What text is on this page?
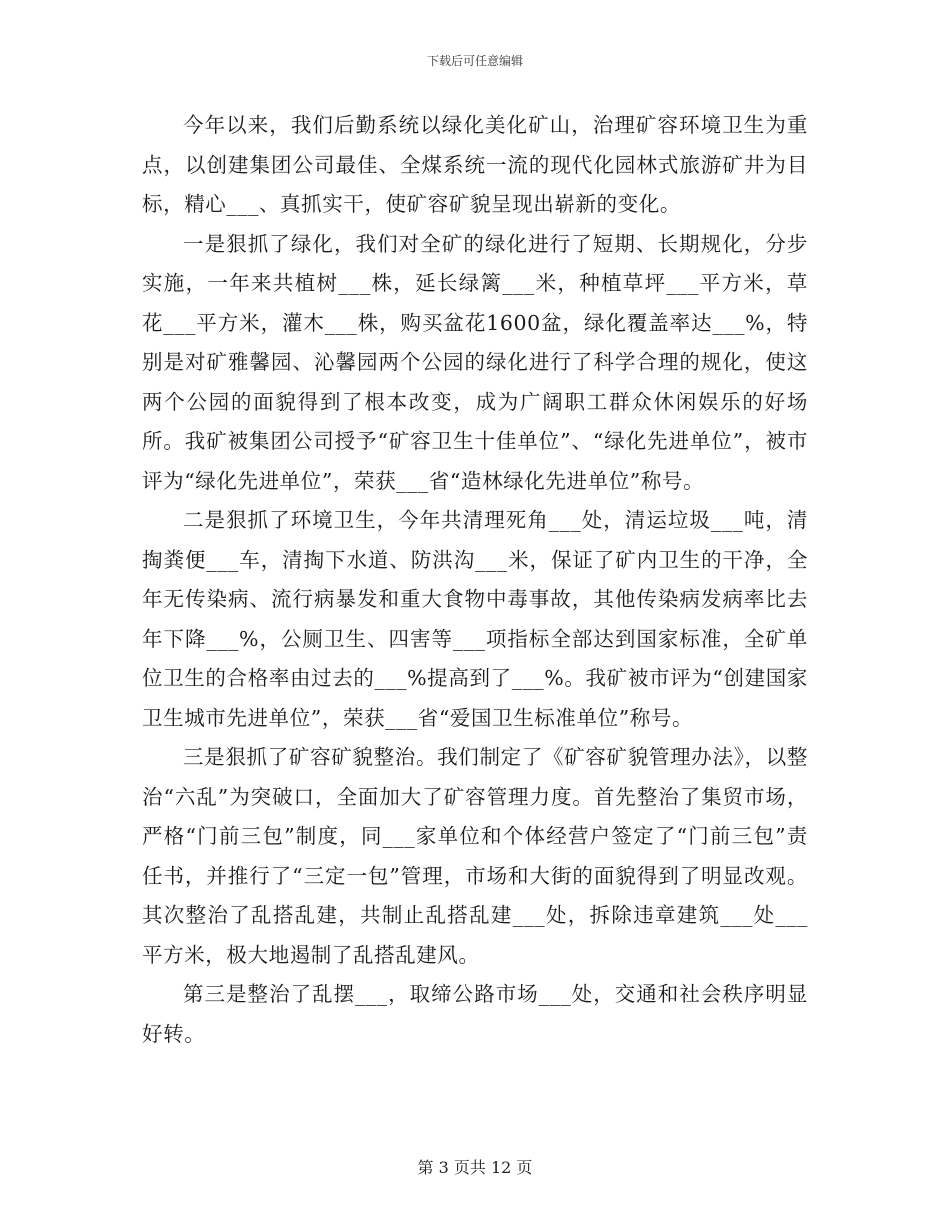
下载后可任意编辑

今年以来，我们后勤系统以绿化美化矿山，治理矿容环境卫生为重点，以创建集团公司最佳、全煤系统一流的现代化园林式旅游矿井为目标，精心___、真抓实干，使矿容矿貌呈现出崭新的变化。

一是狠抓了绿化，我们对全矿的绿化进行了短期、长期规化，分步实施，一年来共植树___株，延长绿篱___米，种植草坪___平方米，草花___平方米，灌木___株，购买盆花1600盆，绿化覆盖率达___%，特别是对矿雅馨园、沁馨园两个公园的绿化进行了科学合理的规化，使这两个公园的面貌得到了根本改变，成为广阔职工群众休闲娱乐的好场所。我矿被集团公司授予“矿容卫生十佳单位”、“绿化先进单位”，被市评为“绿化先进单位”，荣获___省“造林绿化先进单位”称号。

二是狠抓了环境卫生，今年共清理死角___处，清运垃圾___吨，清掏粪便___车，清掏下水道、防洪沟___米，保证了矿内卫生的干净，全年无传染病、流行病暴发和重大食物中毒事故，其他传染病发病率比去年下降___%，公厕卫生、四害等___项指标全部达到国家标准，全矿单位卫生的合格率由过去的___%提高到了___%。我矿被市评为“创建国家卫生城市先进单位”，荣获___省“爱国卫生标准单位”称号。

三是狠抓了矿容矿貌整治。我们制定了《矿容矿貌管理办法》，以整治“六乱”为突破口，全面加大了矿容管理力度。首先整治了集贸市场，严格“门前三包”制度，同___家单位和个体经营户签定了“门前三包”责任书，并推行了“三定一包”管理，市场和大街的面貌得到了明显改观。其次整治了乱搭乱建，共制止乱搭乱建___处，拆除违章建筑___处___平方米，极大地遏制了乱搭乱建风。

第三是整治了乱摆___，取缔公路市场___处，交通和社会秩序明显好转。

第 3 页共 12 页
